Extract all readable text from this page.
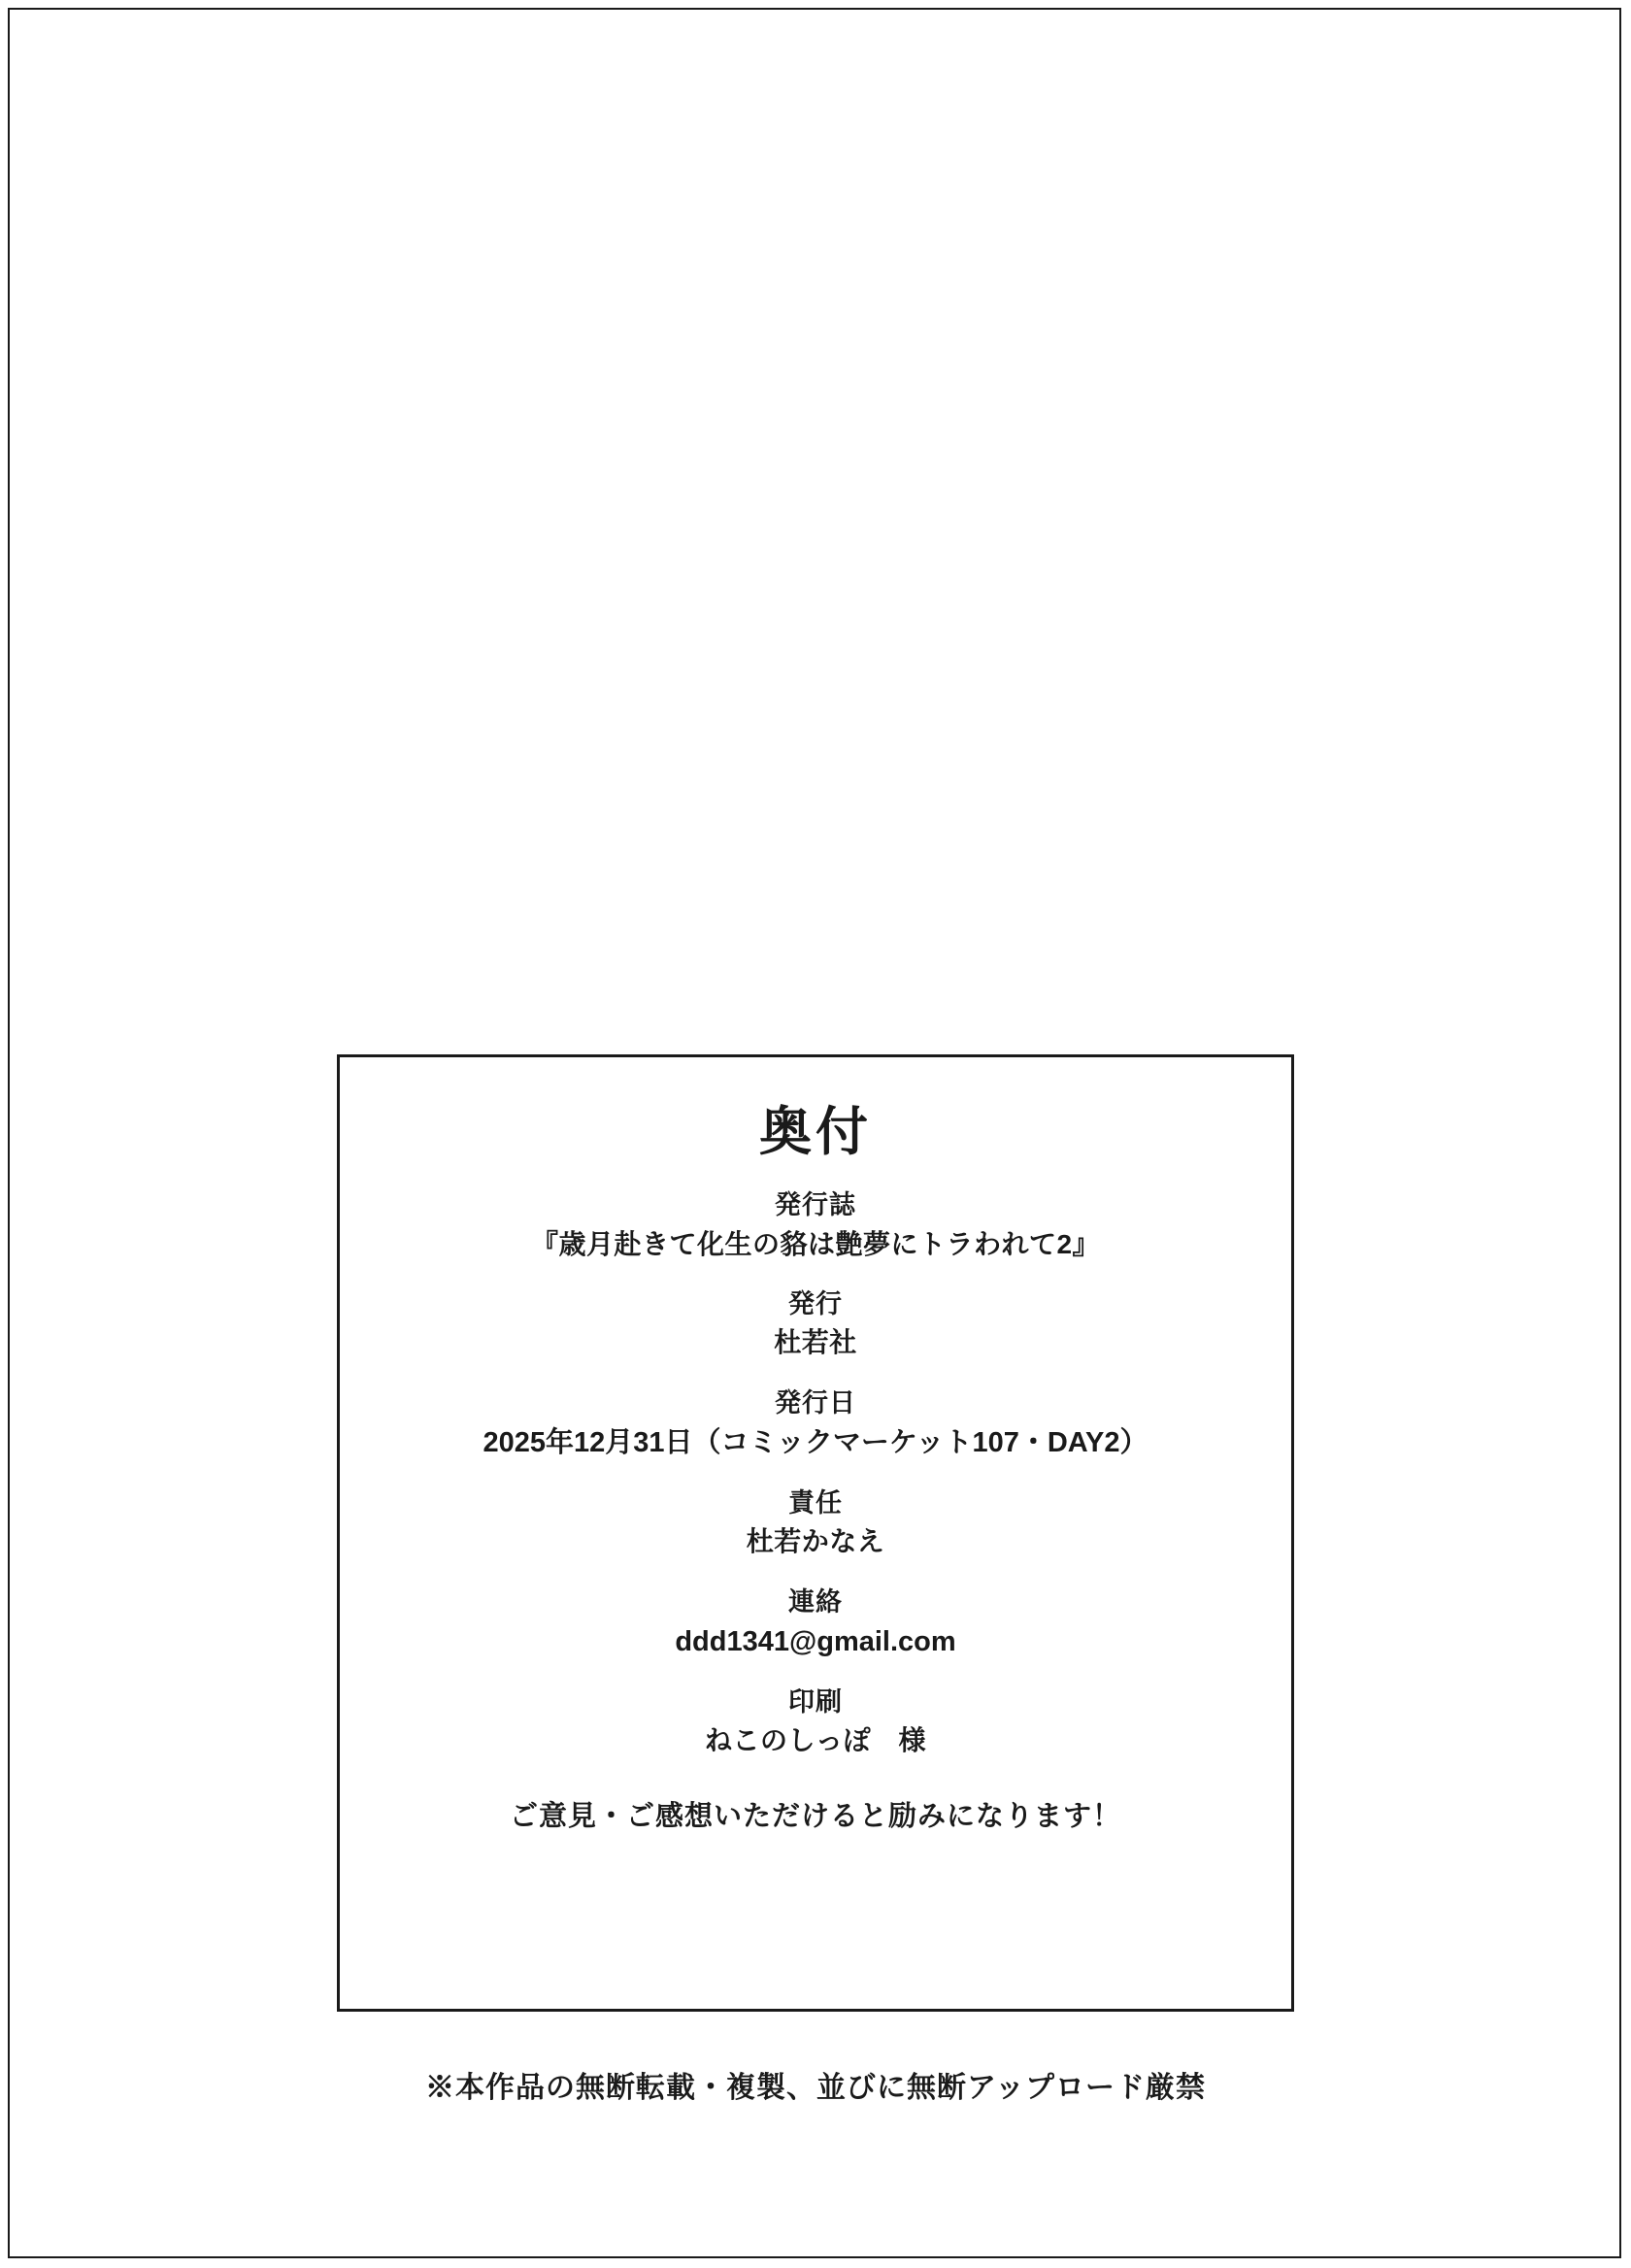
奥付
発行誌
『歳月赴きて化生の貉は艶夢にトラわれて2』
発行
杜若社
発行日
2025年12月31日（コミックマーケット107・DAY2）
責任
杜若かなえ
連絡
ddd1341@gmail.com
印刷
ねこのしっぽ　様
ご意見・ご感想いただけると励みになります！
※本作品の無断転載・複製、並びに無断アップロード厳禁
